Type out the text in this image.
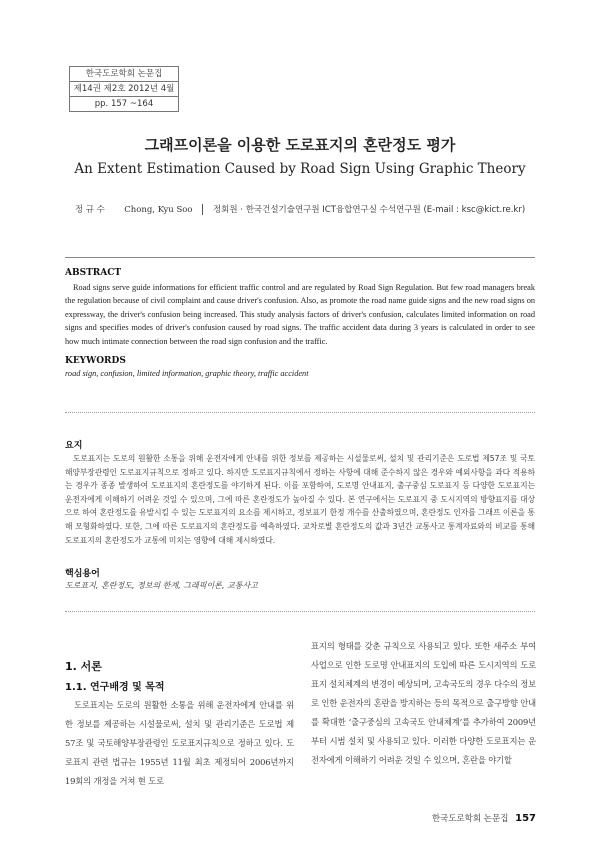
한국도로학회 논문집
제14권 제2호 2012년 4월
pp. 157 ~164
그래프이론을 이용한 도로표지의 혼란정도 평가
An Extent Estimation Caused by Road Sign Using Graphic Theory
정 규 수 Chong, Kyu Soo 정회원 · 한국건설기술연구원 ICT융합연구실 수석연구원 (E-mail : ksc@kict.re.kr)
ABSTRACT

Road signs serve guide informations for efficient traffic control and are regulated by Road Sign Regulation. But few road managers break the regulation because of civil complaint and cause driver's confusion. Also, as promote the road name guide signs and the new road signs on expressway, the driver's confusion being increased. This study analysis factors of driver's confusion, calculates limited information on road signs and specifies modes of driver's confusion caused by road signs. The traffic accident data during 3 years is calculated in order to see how much intimate connection between the road sign confusion and the traffic.

KEYWORDS

road sign, confusion, limited information, graphic theory, traffic accident

요지

도로표지는 도로의 원활한 소통을 위해 운전자에게 안내를 위한 정보를 제공하는 시설물로써, 설치 및 관리기준은 도로법 제57조 및 국토해양부장관령인 도로표지규칙으로 정하고 있다. 하지만 도로표지규칙에서 정하는 사항에 대해 준수하지 않은 경우와 예외사항을 과다 적용하는 경우가 종종 발생하여 도로표지의 혼란정도를 야기하게 된다. 이를 포함하여, 도로명 안내표지, 출구중심 도로표지 등 다양한 도로표지는 운전자에게 이해하기 어려운 것일 수 있으며, 그에 따른 혼란정도가 높아질 수 있다. 본 연구에서는 도로표지 중 도시지역의 방향표지를 대상으로 하여 혼란정도를 유발시킬 수 있는 도로표지의 요소를 제시하고, 정보표기 한정 개수를 산출하였으며, 혼란정도 인자를 그래프 이론을 통해 모형화하였다. 또한, 그에 따른 도로표지의 혼란정도를 예측하였다. 교차로별 혼란정도의 값과 3년간 교통사고 통계자료와의 비교를 통해 도로표지의 혼란정도가 교통에 미치는 영향에 대해 제시하였다.

핵심용어

도로표지, 혼란정도, 정보의 한계, 그래픽이론, 교통사고

1. 서론
1.1. 연구배경 및 목적

도로표지는 도로의 원활한 소통을 위해 운전자에게 안내를 위한 정보를 제공하는 시설물로써, 설치 및 관리기준은 도로법 제57조 및 국토해양부장관령인 도로표지규칙으로 정하고 있다. 도로표지 관련 법규는 1955년 11월 최초 제정되어 2006년까지 19회의 개정을 거쳐 현 도로

표지의 형태를 갖춘 규칙으로 사용되고 있다. 또한 새주소 부여 사업으로 인한 도로명 안내표지의 도입에 따른 도시지역의 도로표지 설치체계의 변경이 예상되며, 고속국도의 경우 다수의 정보로 인한 운전자의 혼란을 방지하는 등의 목적으로 출구방향 안내를 확대한 ‘출구중심의 고속국도 안내체계’를 추가하여 2009년부터 시범 설치 및 사용되고 있다. 이러한 다양한 도로표지는 운전자에게 이해하기 어려운 것일 수 있으며, 혼란을 야기할

한국도로학회 논문집 157
